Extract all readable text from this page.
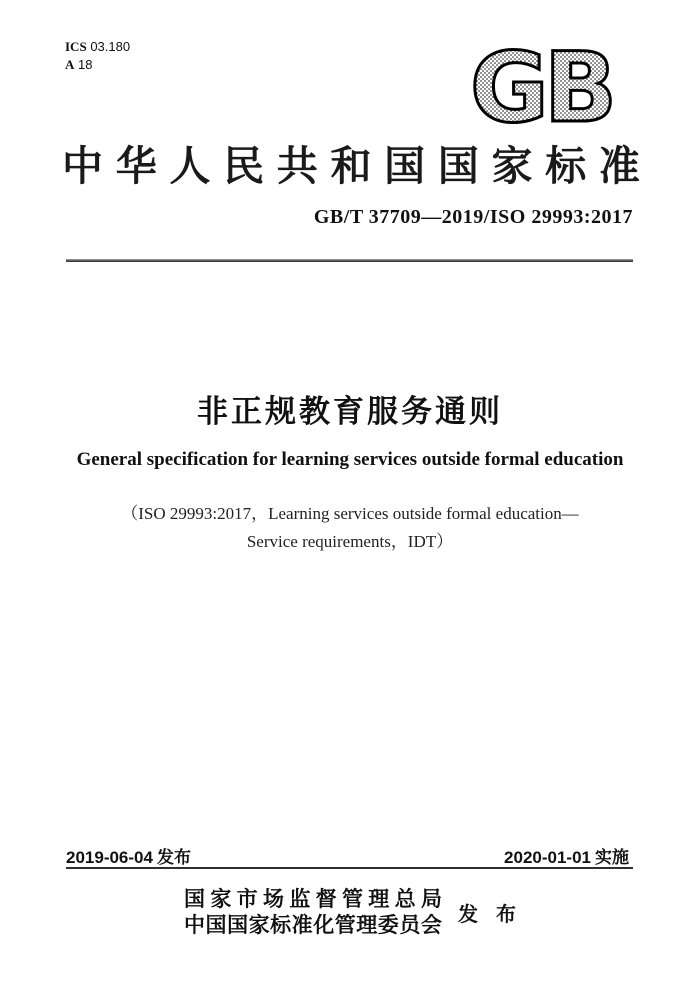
ICS 03.180
A 18	GB
中 华 人 民 共 和 国 国 家 标 准
GB/T 37709—2019/ISO 29993:2017
非正规教育服务通则
General specification for learning services outside formal education
（ISO 29993:2017，Learning services outside formal education—
Service requirements，IDT）
2019-06-04 发布	2020-01-01 实施
国 家 市 场 监 督 管 理 总 局
中 国 国 家 标 准 化 管 理 委 员 会 发 布
